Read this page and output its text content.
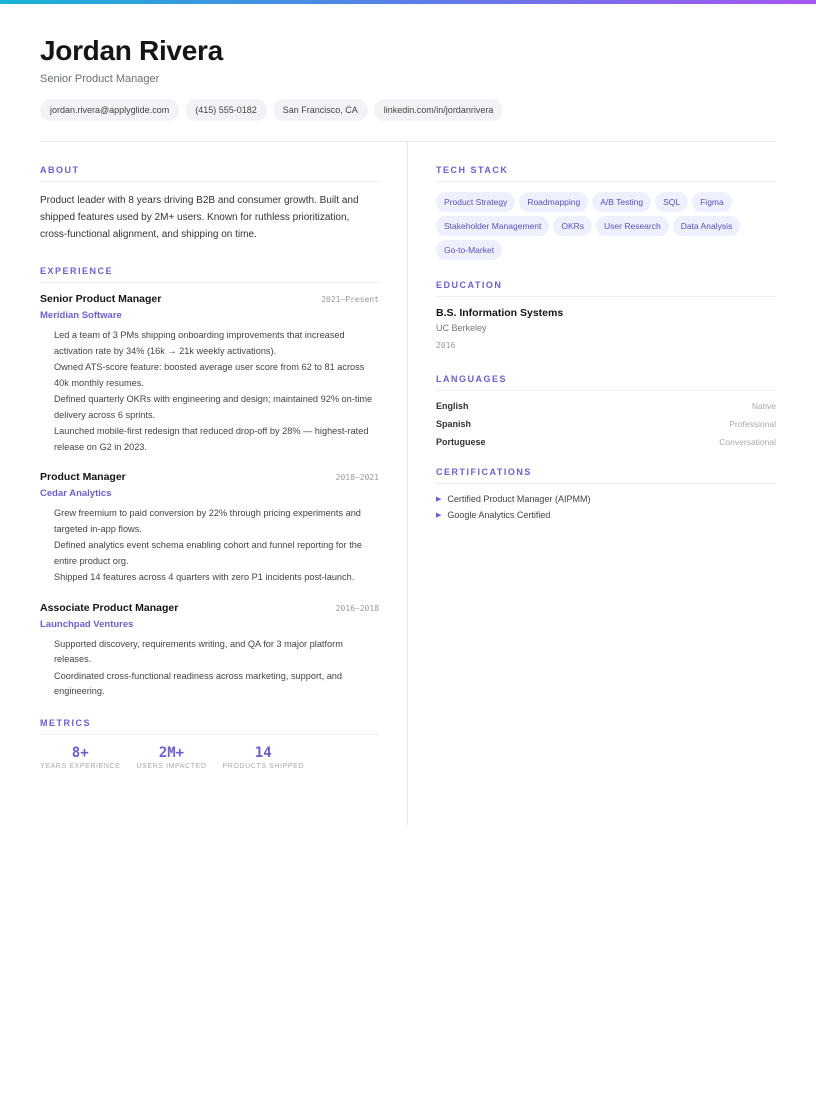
Jordan Rivera
Senior Product Manager
jordan.rivera@applyglide.com	(415) 555-0182	San Francisco, CA	linkedin.com/in/jordanrivera
ABOUT

Product leader with 8 years driving B2B and consumer growth. Built and shipped features used by 2M+ users. Known for ruthless prioritization, cross-functional alignment, and shipping on time.

EXPERIENCE
Senior Product Manager	2021–Present
Meridian Software
Led a team of 3 PMs shipping onboarding improvements that increased activation rate by 34% (16k → 21k weekly activations).
Owned ATS-score feature: boosted average user score from 62 to 81 across 40k monthly resumes.
Defined quarterly OKRs with engineering and design; maintained 92% on-time delivery across 6 sprints.
Launched mobile-first redesign that reduced drop-off by 28% — highest-rated release on G2 in 2023.
Product Manager	2018–2021
Cedar Analytics
Grew freemium to paid conversion by 22% through pricing experiments and targeted in-app flows.
Defined analytics event schema enabling cohort and funnel reporting for the entire product org.
Shipped 14 features across 4 quarters with zero P1 incidents post-launch.
Associate Product Manager	2016–2018
Launchpad Ventures
Supported discovery, requirements writing, and QA for 3 major platform releases.
Coordinated cross-functional readiness across marketing, support, and engineering.
METRICS
8+
YEARS EXPERIENCE
2M+
USERS IMPACTED
14
PRODUCTS SHIPPED
TECH STACK
Product Strategy	Roadmapping	A/B Testing	SQL	Figma
Stakeholder Management	OKRs	User Research	Data Analysis
Go-to-Market
EDUCATION
B.S. Information Systems
UC Berkeley
2016
LANGUAGES
English	Native
Spanish	Professional
Portuguese	Conversational
CERTIFICATIONS
▶ Certified Product Manager (AIPMM)
▶ Google Analytics Certified
